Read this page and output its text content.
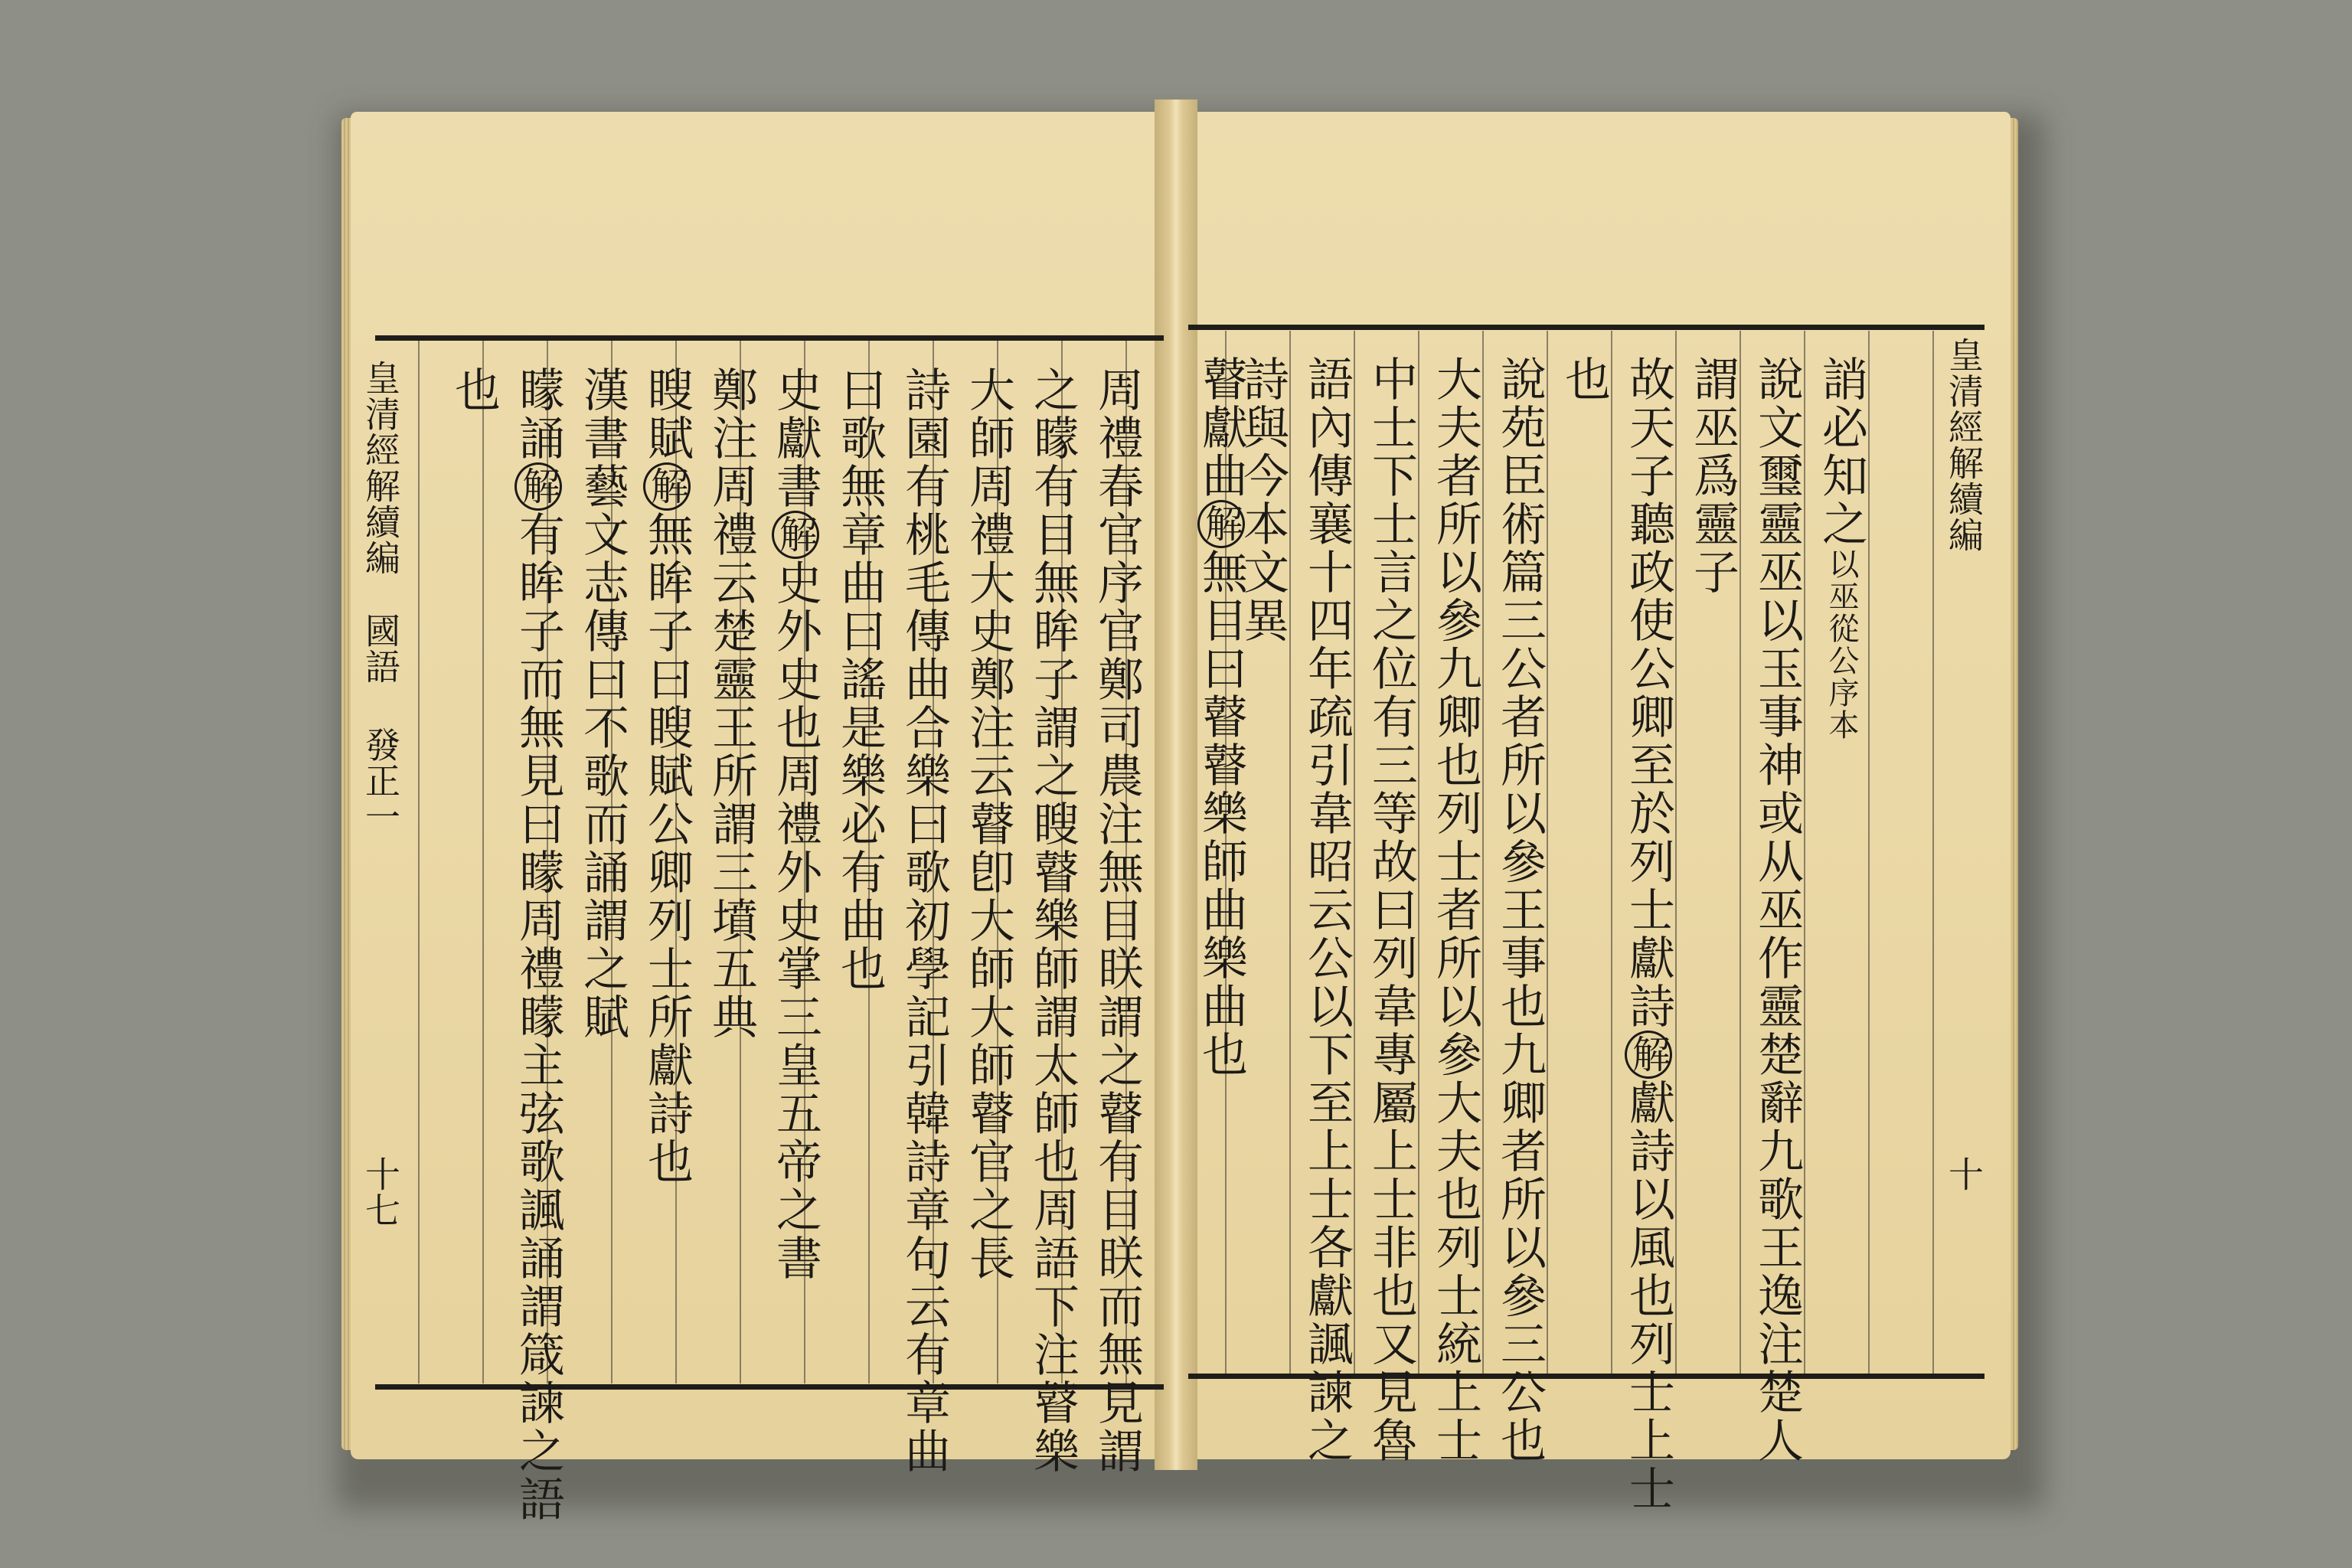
皇清經解續編
國語 發正一
十七	周禮春官序官鄭司農注無目眹謂之瞽有目眹而無見謂
之矇有目無眸子謂之瞍瞽樂師謂太師也周語下注瞽樂
大師周禮大史鄭注云瞽卽大師大師瞽官之長
詩園有桃毛傳曲合樂曰歌初學記引韓詩章句云有章曲
曰歌無章曲曰謠是樂必有曲也
史獻書解史外史也周禮外史掌三皇五帝之書
鄭注周禮云楚靈王所謂三墳五典
瞍賦解無眸子曰瞍賦公卿列士所獻詩也
漢書藝文志傳曰不歌而誦謂之賦
矇誦解有眸子而無見曰矇周禮矇主弦歌諷誦謂箴諫之語
也	誚必知之以巫從公序本
說文璽靈巫以玉事神或从巫作靈楚辭九歌王逸注楚人
謂巫爲靈子
故天子聽政使公卿至於列士獻詩解獻詩以風也列士上士
也
說苑臣術篇三公者所以參王事也九卿者所以參三公也
大夫者所以參九卿也列士者所以參大夫也列士統上士
中士下士言之位有三等故曰列韋專屬上士非也又見魯
語內傳襄十四年疏引韋昭云公以下至上士各獻諷諫之
詩與今本文異
瞽獻曲解無目曰瞽瞽樂師曲樂曲也
皇清經解續編
十
